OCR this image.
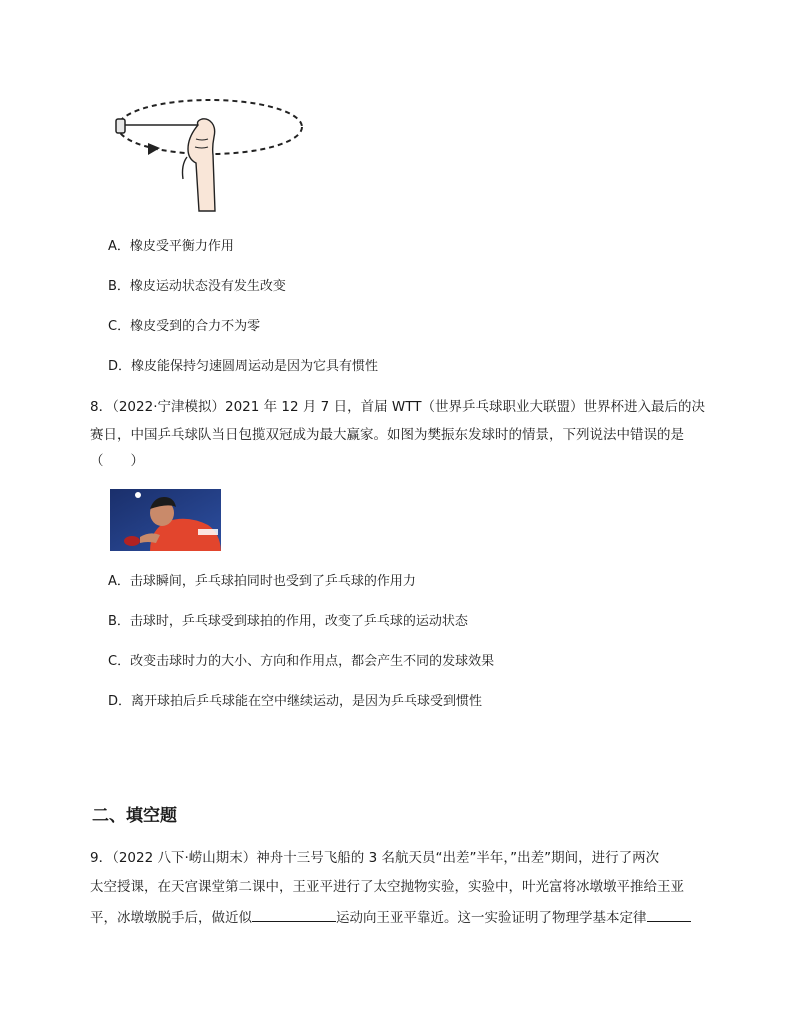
A．橡皮受平衡力作用
B．橡皮运动状态没有发生改变
C．橡皮受到的合力不为零
D．橡皮能保持匀速圆周运动是因为它具有惯性
8．（2022·宁津模拟）2021 年 12 月 7 日，首届 WTT（世界乒乓球职业大联盟）世界杯进入最后的决
赛日，中国乒乓球队当日包揽双冠成为最大赢家。如图为樊振东发球时的情景，下列说法中错误的是
（　　）
A．击球瞬间，乒乓球拍同时也受到了乒乓球的作用力
B．击球时，乒乓球受到球拍的作用，改变了乒乓球的运动状态
C．改变击球时力的大小、方向和作用点，都会产生不同的发球效果
D．离开球拍后乒乓球能在空中继续运动，是因为乒乓球受到惯性
二、填空题
9．（2022 八下·崂山期末）神舟十三号飞船的 3 名航天员“出差”半年，”出差”期间，进行了两次
太空授课，在天宫课堂第二课中，王亚平进行了太空抛物实验，实验中，叶光富将冰墩墩平推给王亚
平，冰墩墩脱手后，做近似	运动向王亚平靠近。这一实验证明了物理学基本定律
